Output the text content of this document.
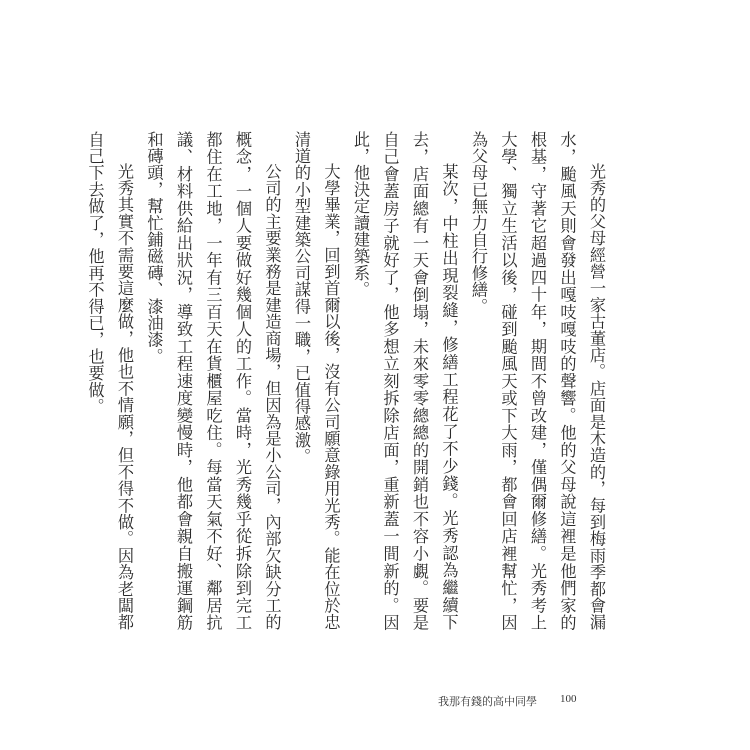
光秀的父母經營一家古董店。店面是木造的，每到梅雨季都會漏水，颱風天則會發出嘎吱嘎吱的聲響。他的父母說這裡是他們家的根基，守著它超過四十年，期間不曾改建，僅偶爾修繕。光秀考上大學、獨立生活以後，碰到颱風天或下大雨，都會回店裡幫忙，因為父母已無力自行修繕。

某次，中柱出現裂縫，修繕工程花了不少錢。光秀認為繼續下去，店面總有一天會倒塌，未來零零總總的開銷也不容小覷。要是自己會蓋房子就好了，他多想立刻拆除店面，重新蓋一間新的。因此，他決定讀建築系。

大學畢業，回到首爾以後，沒有公司願意錄用光秀。能在位於忠清道的小型建築公司謀得一職，已值得感激。

公司的主要業務是建造商場，但因為是小公司，內部欠缺分工的概念，一個人要做好幾個人的工作。當時，光秀幾乎從拆除到完工都住在工地，一年有三百天在貨櫃屋吃住。每當天氣不好、鄰居抗議、材料供給出狀況，導致工程速度變慢時，他都會親自搬運鋼筋和磚頭，幫忙鋪磁磚、漆油漆。

光秀其實不需要這麼做，他也不情願，但不得不做。因為老闆都自己下去做了，他再不得已，也要做。

我那有錢的高中同學 100
